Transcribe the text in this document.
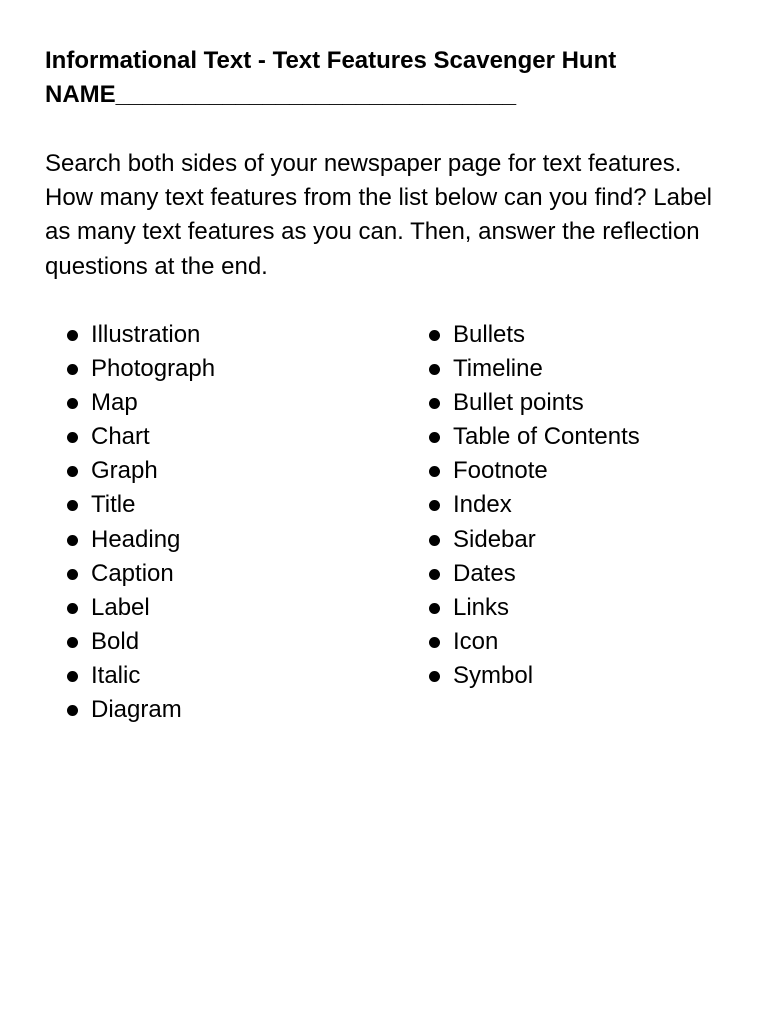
Informational Text - Text Features Scavenger Hunt

NAME______________________________

Search both sides of your newspaper page for text features. How many text features from the list below can you find? Label as many text features as you can. Then, answer the reflection questions at the end.

Illustration
Photograph
Map
Chart
Graph
Title
Heading
Caption
Label
Bold
Italic
Diagram
Bullets
Timeline
Bullet points
Table of Contents
Footnote
Index
Sidebar
Dates
Links
Icon
Symbol
